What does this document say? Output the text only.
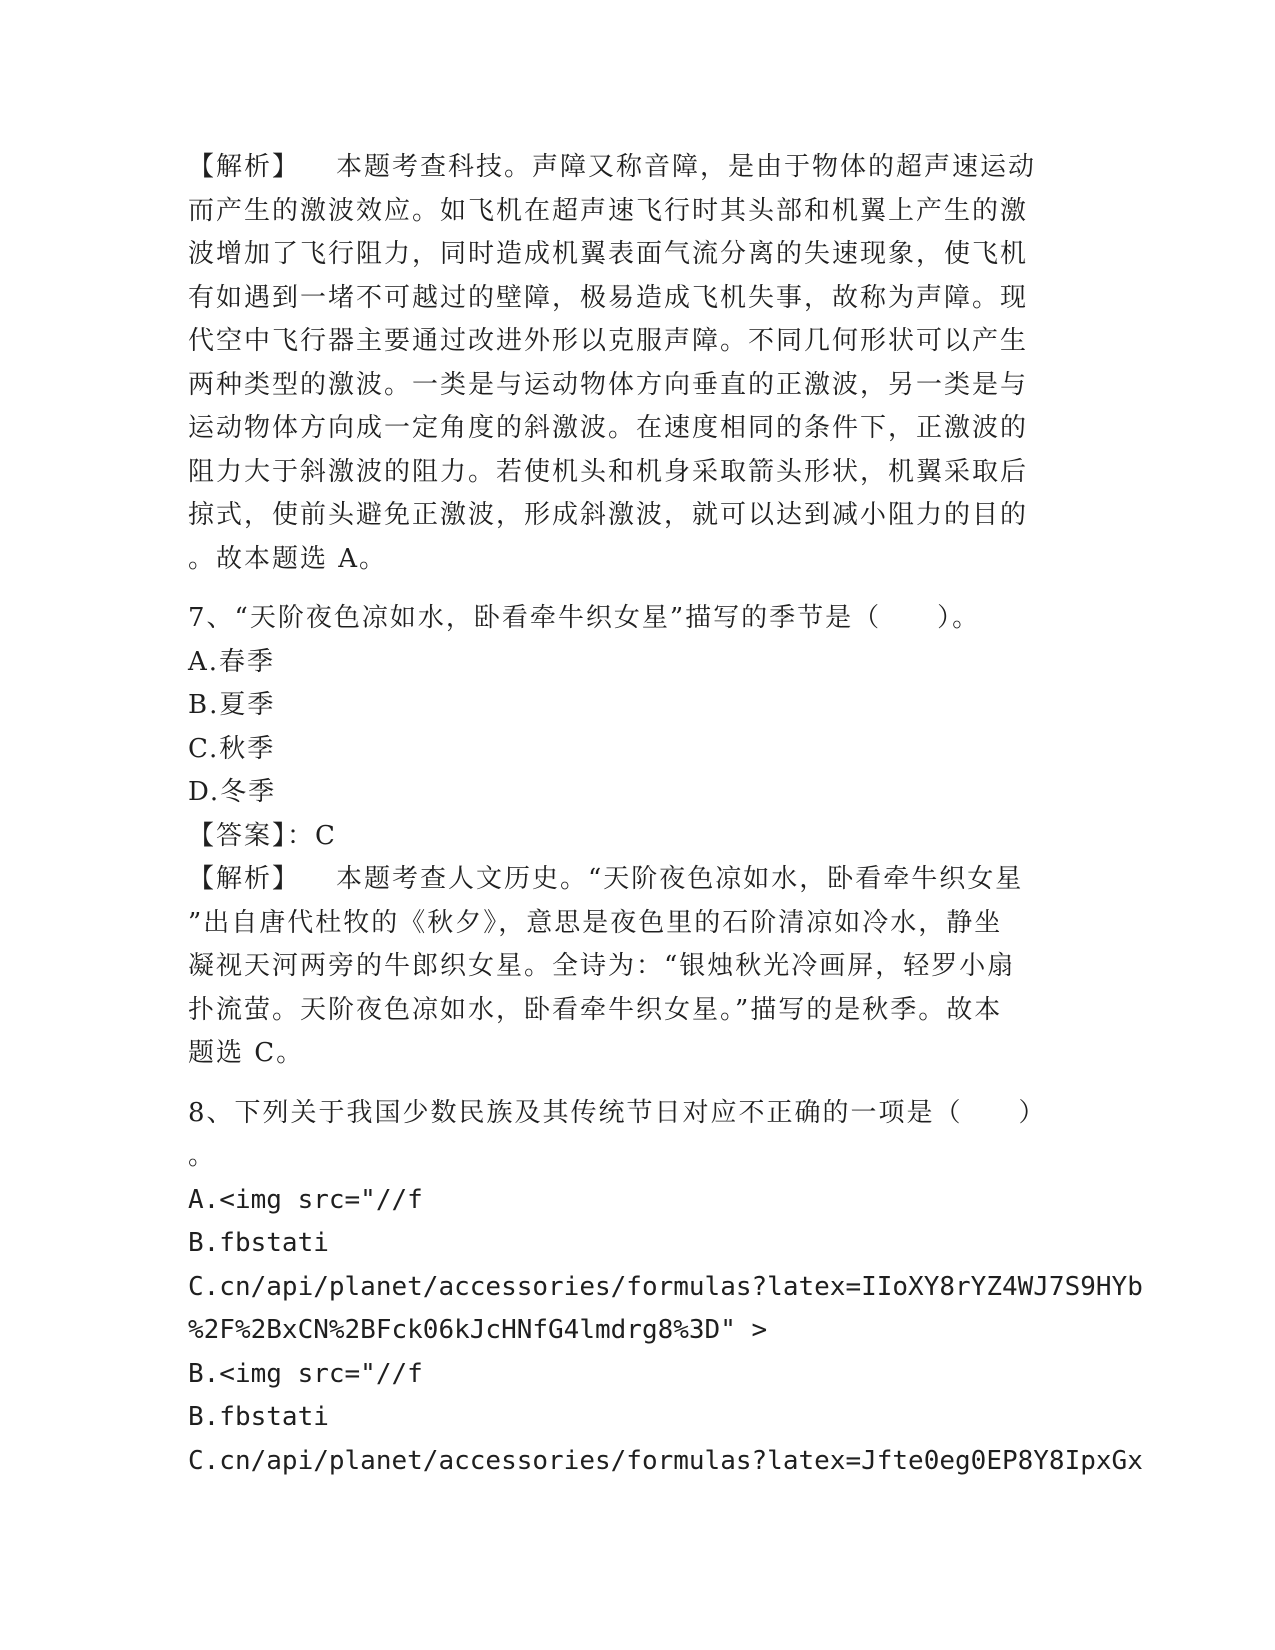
【解析】 本题考查科技。声障又称音障，是由于物体的超声速运动
而产生的激波效应。如飞机在超声速飞行时其头部和机翼上产生的激
波增加了飞行阻力，同时造成机翼表面气流分离的失速现象，使飞机
有如遇到一堵不可越过的壁障，极易造成飞机失事，故称为声障。现
代空中飞行器主要通过改进外形以克服声障。不同几何形状可以产生
两种类型的激波。一类是与运动物体方向垂直的正激波，另一类是与
运动物体方向成一定角度的斜激波。在速度相同的条件下，正激波的
阻力大于斜激波的阻力。若使机头和机身采取箭头形状，机翼采取后
掠式，使前头避免正激波，形成斜激波，就可以达到减小阻力的目的
。故本题选 A。
7、“天阶夜色凉如水，卧看牵牛织女星”描写的季节是（　　）。
A.春季
B.夏季
C.秋季
D.冬季
【答案】：C
【解析】 本题考查人文历史。“天阶夜色凉如水，卧看牵牛织女星
”出自唐代杜牧的《秋夕》，意思是夜色里的石阶清凉如冷水，静坐
凝视天河两旁的牛郎织女星。全诗为：“银烛秋光冷画屏，轻罗小扇
扑流萤。天阶夜色凉如水，卧看牵牛织女星。”描写的是秋季。故本
题选 C。
8、下列关于我国少数民族及其传统节日对应不正确的一项是（　　）
。
A.<img src="//f
B.fbstati
C.cn/api/planet/accessories/formulas?latex=IIoXY8rYZ4WJ7S9HYb
%2F%2BxCN%2BFck06kJcHNfG4lmdrg8%3D" >
B.<img src="//f
B.fbstati
C.cn/api/planet/accessories/formulas?latex=Jfte0eg0EP8Y8IpxGx
